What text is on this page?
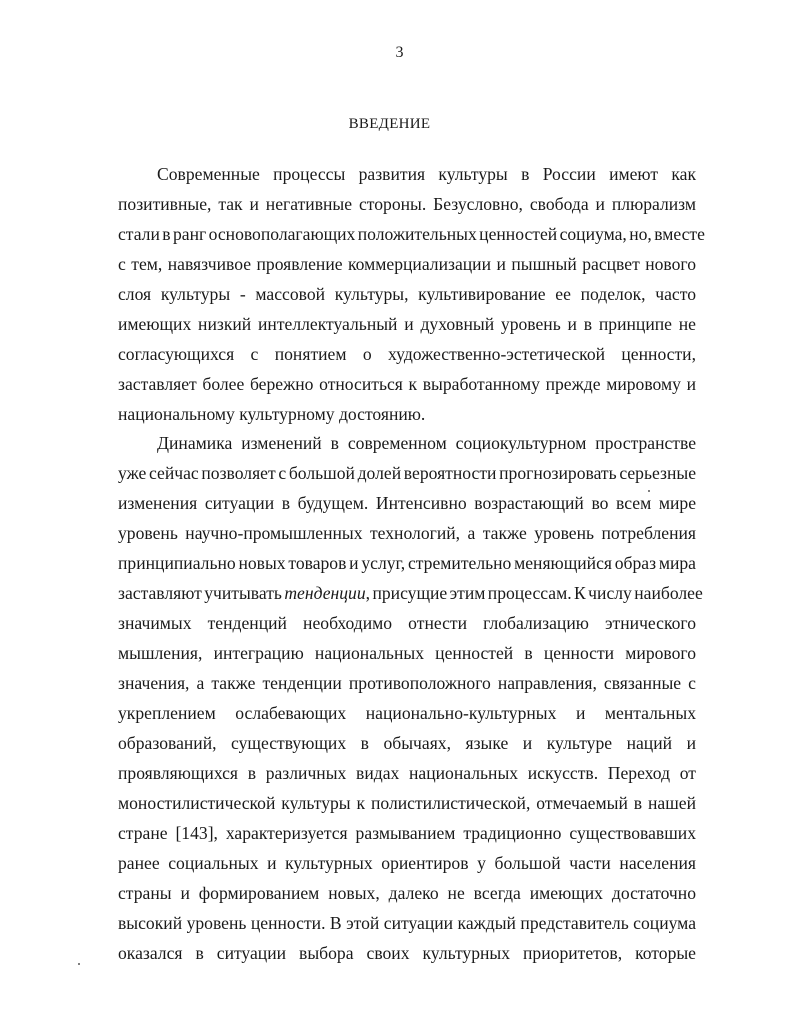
3
ВВЕДЕНИЕ
Современные процессы развития культуры в России имеют как
позитивные, так и негативные стороны. Безусловно, свобода и плюрализм
стали в ранг основополагающих положительных ценностей социума, но, вместе
с тем, навязчивое проявление коммерциализации и пышный расцвет нового
слоя культуры - массовой культуры, культивирование ее поделок, часто
имеющих низкий интеллектуальный и духовный уровень и в принципе не
согласующихся с понятием о художественно-эстетической ценности,
заставляет более бережно относиться к выработанному прежде мировому и
национальному культурному достоянию.
Динамика изменений в современном социокультурном пространстве
уже сейчас позволяет с большой долей вероятности прогнозировать серьезные
изменения ситуации в будущем. Интенсивно возрастающий во всем мире
уровень научно-промышленных технологий, а также уровень потребления
принципиально новых товаров и услуг, стремительно меняющийся образ мира
заставляют учитывать тенденции, присущие этим процессам. К числу наиболее
значимых тенденций необходимо отнести глобализацию этнического
мышления, интеграцию национальных ценностей в ценности мирового
значения, а также тенденции противоположного направления, связанные с
укреплением ослабевающих национально-культурных и ментальных
образований, существующих в обычаях, языке и культуре наций и
проявляющихся в различных видах национальных искусств. Переход от
моностилистической культуры к полистилистической, отмечаемый в нашей
стране [143], характеризуется размыванием традиционно существовавших
ранее социальных и культурных ориентиров у большой части населения
страны и формированием новых, далеко не всегда имеющих достаточно
высокий уровень ценности. В этой ситуации каждый представитель социума
оказался в ситуации выбора своих культурных приоритетов, которые
